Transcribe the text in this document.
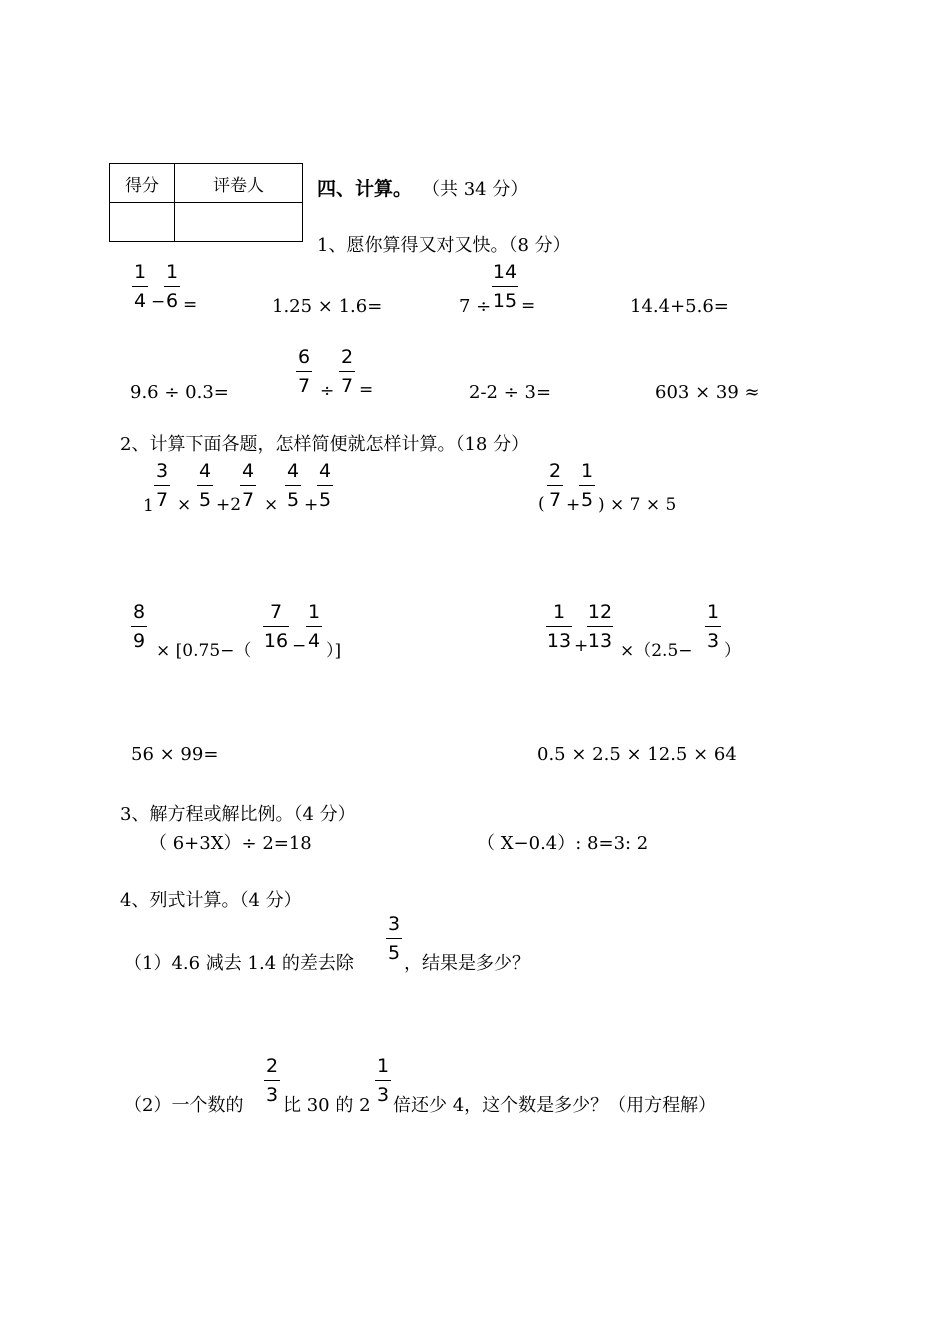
得分	评卷人
		四、计算。 （共 34 分）
1、愿你算得又对又快。（8 分）
1
4 −
1
6 =	1.25 × 1.6=	7 ÷
14
15 =	14.4+5.6=
9.6 ÷ 0.3=
6
7 ÷
2
7 =	2-2 ÷ 3=	603 × 39 ≈
2、计算下面各题，怎样简便就怎样计算。（18 分）
1
3
7 ×
4
5 +2
4
7 ×
4
5 +
4
5	(
2
7 +
1
5 ) × 7 × 5
8
9 × [0.75−（
7
16 −
1
4 ）]
1
13 +
12
13 ×（2.5−
1
3 ）
56 × 99=	0.5 × 2.5 × 12.5 × 64
3、解方程或解比例。（4 分）
（ 6+3X）÷ 2=18	（ X−0.4）: 8=3: 2
4、列式计算。（4 分）
（1）4.6 减去 1.4 的差去除
3
5 ，结果是多少？
（2）一个数的
2
3 比 30 的 2
1
3 倍还少 4，这个数是多少？（用方程解）
